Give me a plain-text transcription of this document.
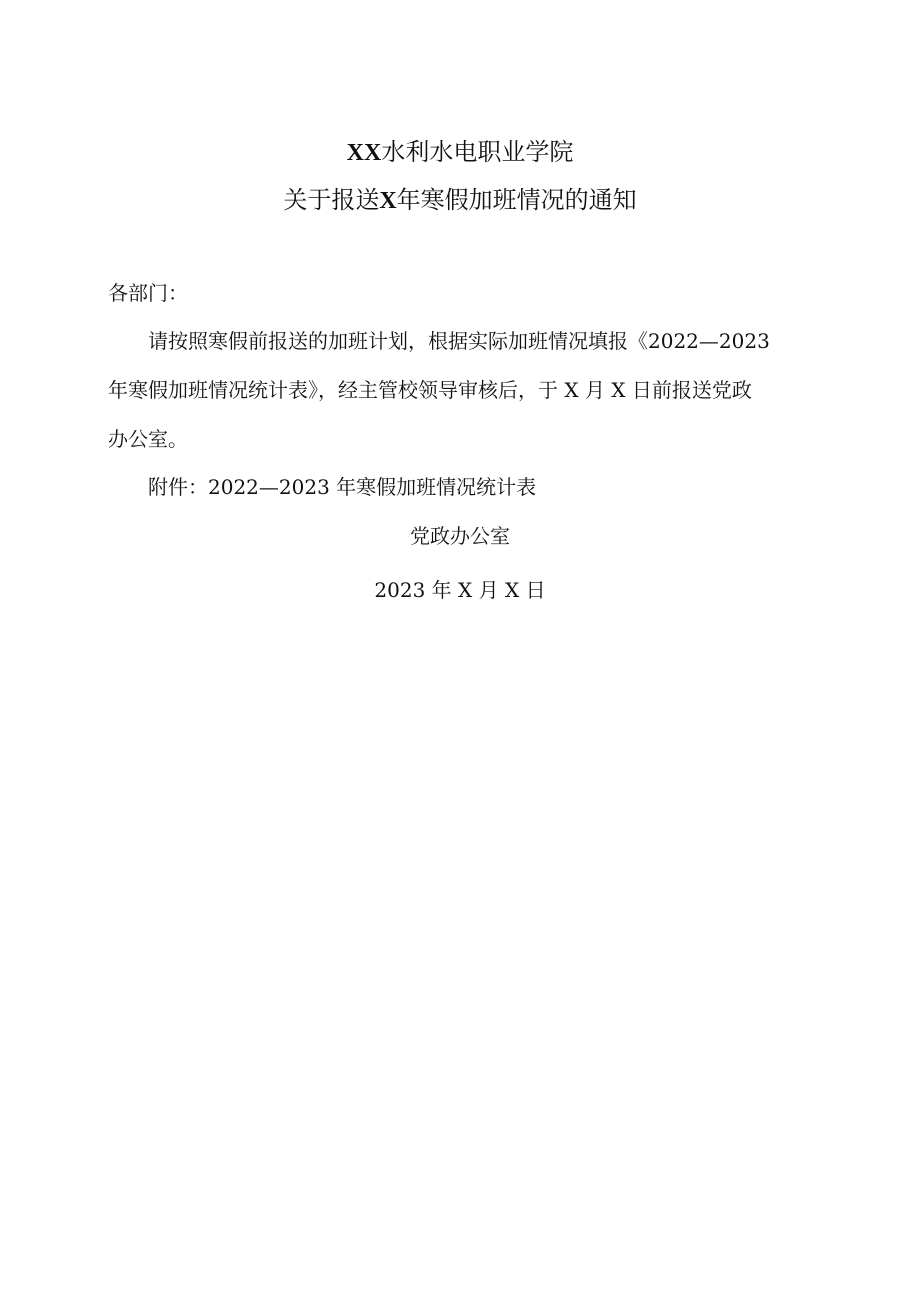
XX水利水电职业学院
关于报送X年寒假加班情况的通知
各部门：
请按照寒假前报送的加班计划，根据实际加班情况填报《2022—2023
年寒假加班情况统计表》，经主管校领导审核后，于 X 月 X 日前报送党政
办公室。
附件：2022—2023 年寒假加班情况统计表
党政办公室
2023 年 X 月 X 日
